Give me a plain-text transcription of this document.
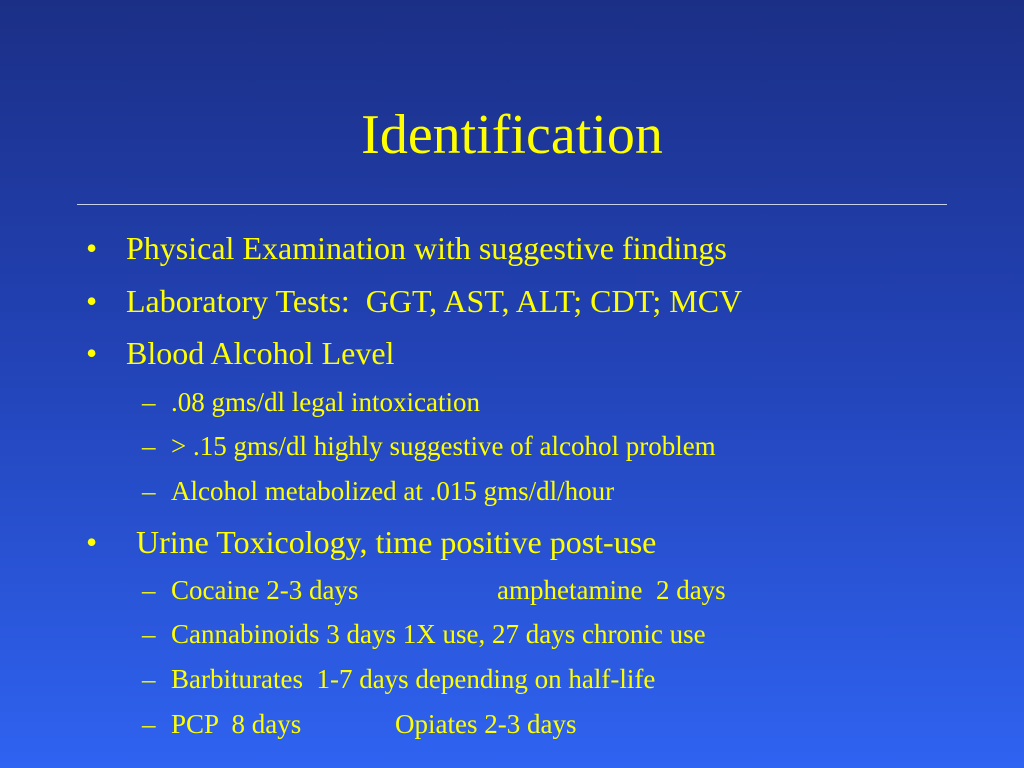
Identification
• Physical Examination with suggestive findings
• Laboratory Tests:  GGT, AST, ALT; CDT; MCV
• Blood Alcohol Level
– .08 gms/dl legal intoxication
– > .15 gms/dl highly suggestive of alcohol problem
– Alcohol metabolized at .015 gms/dl/hour
• Urine Toxicology, time positive post-use
– Cocaine 2-3 days	amphetamine  2 days
– Cannabinoids 3 days 1X use, 27 days chronic use
– Barbiturates  1-7 days depending on half-life
– PCP  8 days	Opiates 2-3 days
